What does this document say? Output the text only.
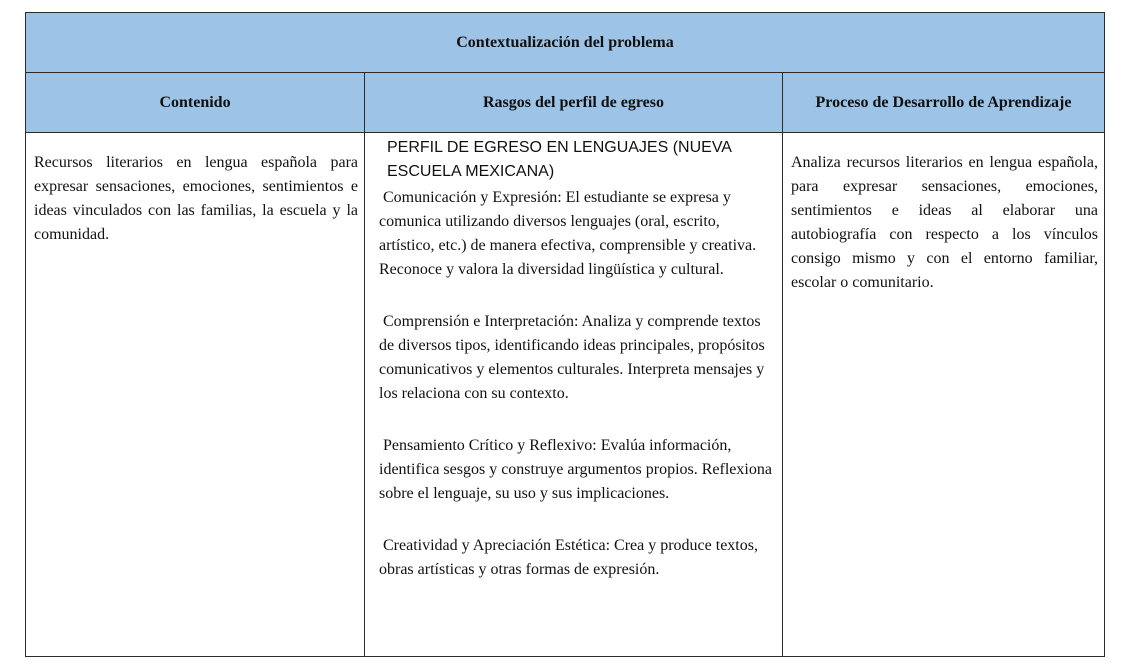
Contextualización del problema
Contenido	Rasgos del perfil de egreso	Proceso de Desarrollo de Aprendizaje
Recursos literarios en lengua española para expresar sensaciones, emociones, sentimientos e ideas vinculados con las familias, la escuela y la comunidad.

PERFIL DE EGRESO EN LENGUAJES (NUEVA ESCUELA MEXICANA)

Comunicación y Expresión: El estudiante se expresa y comunica utilizando diversos lenguajes (oral, escrito, artístico, etc.) de manera efectiva, comprensible y creativa. Reconoce y valora la diversidad lingüística y cultural.

Comprensión e Interpretación: Analiza y comprende textos de diversos tipos, identificando ideas principales, propósitos comunicativos y elementos culturales. Interpreta mensajes y los relaciona con su contexto.

Pensamiento Crítico y Reflexivo: Evalúa información, identifica sesgos y construye argumentos propios. Reflexiona sobre el lenguaje, su uso y sus implicaciones.

Creatividad y Apreciación Estética: Crea y produce textos, obras artísticas y otras formas de expresión.

Analiza recursos literarios en lengua española, para expresar sensaciones, emociones, sentimientos e ideas al elaborar una autobiografía con respecto a los vínculos consigo mismo y con el entorno familiar, escolar o comunitario.
